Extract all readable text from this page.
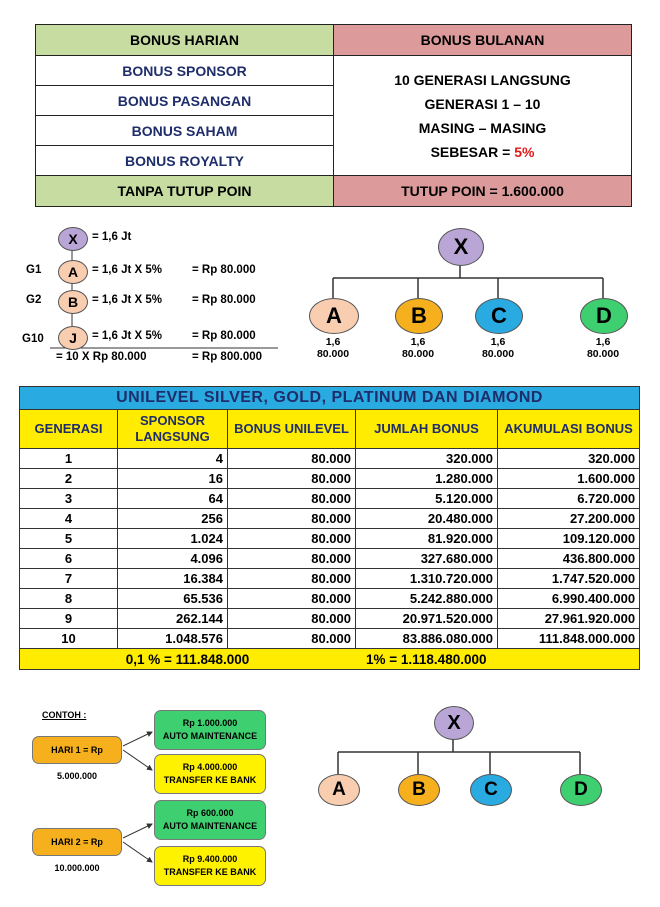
BONUS HARIAN	BONUS BULANAN
BONUS SPONSOR	10 GENERASI LANGSUNG
GENERASI 1 – 10
MASING – MASING
SEBESAR = 5%

BONUS PASANGAN	
BONUS SAHAM	
BONUS ROYALTY	
TANPA TUTUP POIN	TUTUP POIN = 1.600.000
X	= 1,6 Jt
G1	A	= 1,6 Jt X 5%	= Rp 80.000
G2	B	= 1,6 Jt X 5%	= Rp 80.000
G10	J	= 1,6 Jt X 5%	= Rp 80.000
= 10 X Rp 80.000	= Rp 800.000
X
A	B	C	D
1,6
80.000
1,6
80.000
1,6
80.000
1,6
80.000
UNILEVEL SILVER, GOLD, PLATINUM DAN DIAMOND				
GENERASI	SPONSOR LANGSUNG	BONUS UNILEVEL	JUMLAH BONUS	AKUMULASI BONUS
1	4	80.000	320.000	320.000
2	16	80.000	1.280.000	1.600.000
3	64	80.000	5.120.000	6.720.000
4	256	80.000	20.480.000	27.200.000
5	1.024	80.000	81.920.000	109.120.000
6	4.096	80.000	327.680.000	436.800.000
7	16.384	80.000	1.310.720.000	1.747.520.000
8	65.536	80.000	5.242.880.000	6.990.400.000
9	262.144	80.000	20.971.520.000	27.961.920.000
10	1.048.576	80.000	83.886.080.000	111.848.000.000
0,1 % = 111.848.000			1% = 1.118.480.000	
CONTOH :
HARI 1 = Rp 5.000.000
Rp 1.000.000
AUTO MAINTENANCE
Rp 4.000.000
TRANSFER KE BANK
HARI 2 = Rp 10.000.000
Rp 600.000
AUTO MAINTENANCE
Rp 9.400.000
TRANSFER KE BANK
X
A	B	C	D
